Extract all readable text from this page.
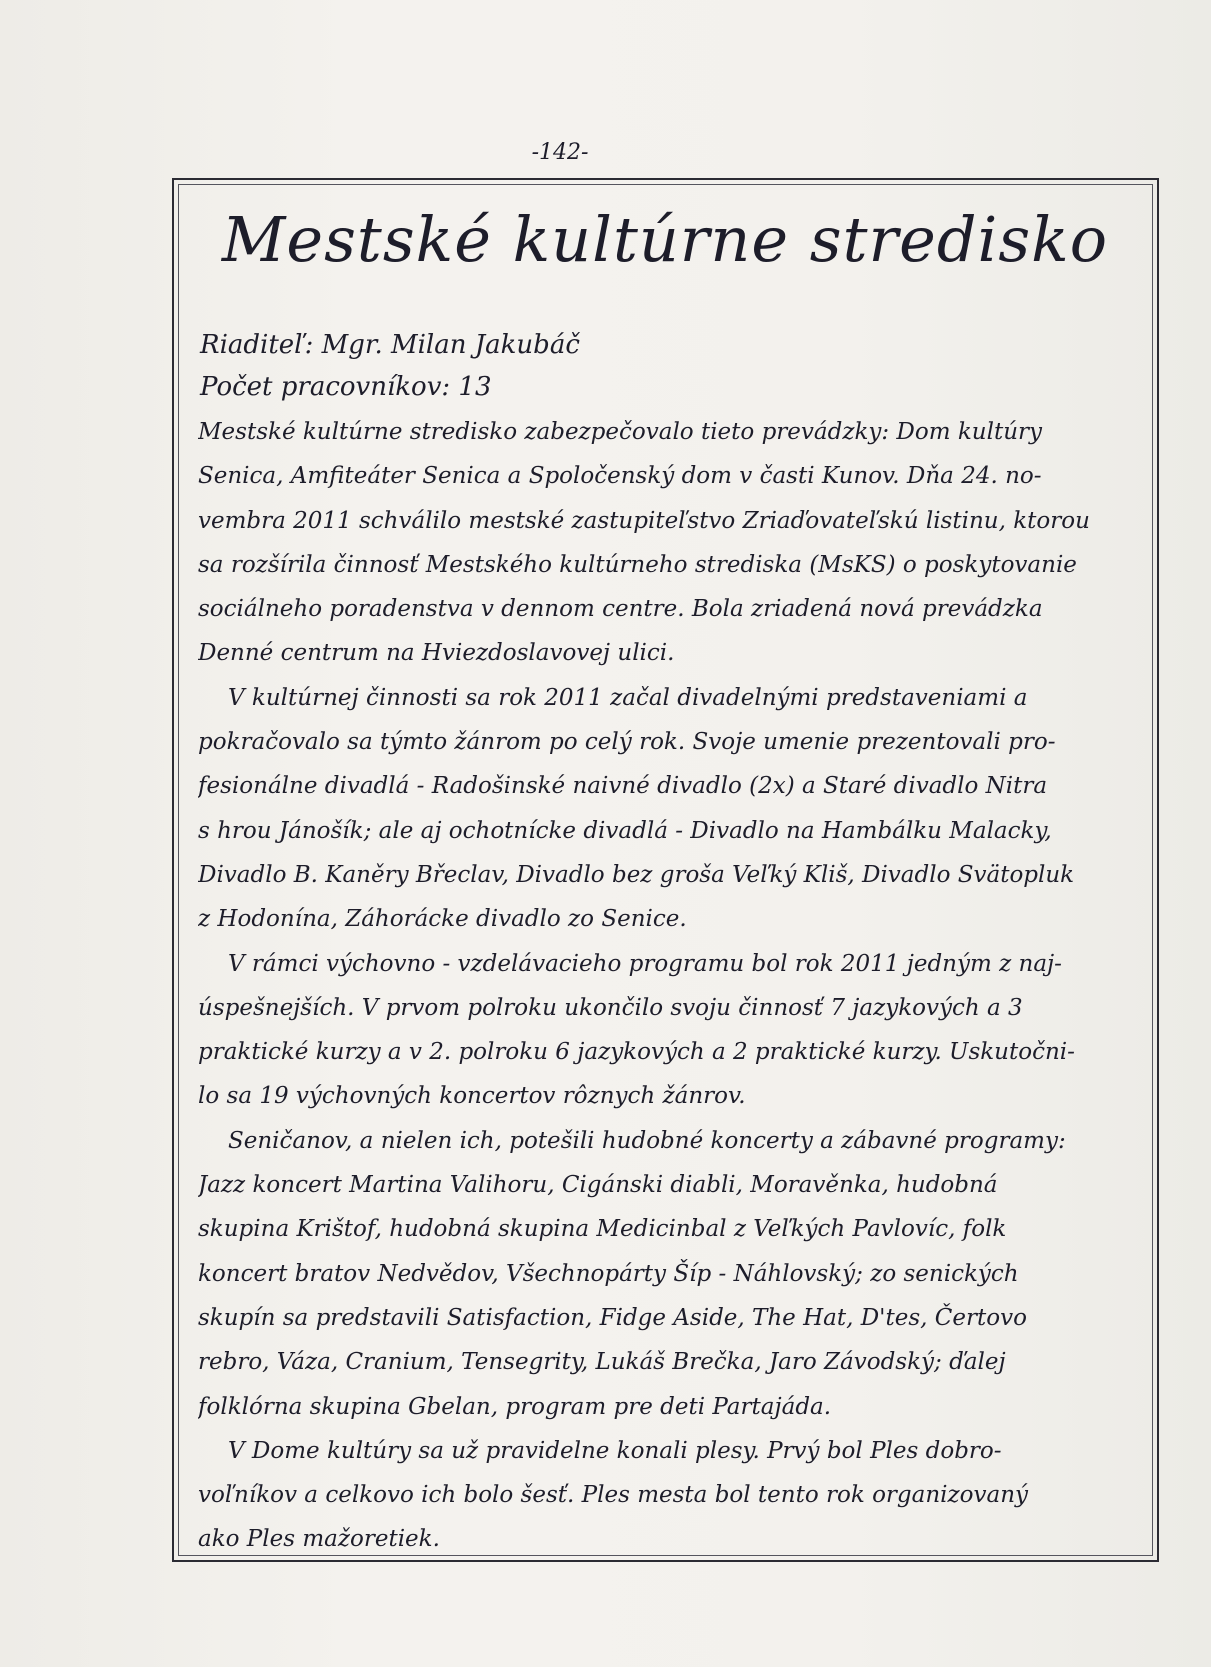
-142-
Mestské kultúrne stredisko
Riaditeľ: Mgr. Milan Jakubáč
Počet pracovníkov: 13
Mestské kultúrne stredisko zabezpečovalo tieto prevádzky: Dom kultúry
Senica, Amfiteáter Senica a Spoločenský dom v časti Kunov. Dňa 24. no-
vembra 2011 schválilo mestské zastupiteľstvo Zriaďovateľskú listinu, ktorou
sa rozšírila činnosť Mestského kultúrneho strediska (MsKS) o poskytovanie
sociálneho poradenstva v dennom centre. Bola zriadená nová prevádzka
Denné centrum na Hviezdoslavovej ulici.
V kultúrnej činnosti sa rok 2011 začal divadelnými predstaveniami a
pokračovalo sa týmto žánrom po celý rok. Svoje umenie prezentovali pro-
fesionálne divadlá - Radošinské naivné divadlo (2x) a Staré divadlo Nitra
s hrou Jánošík; ale aj ochotnícke divadlá - Divadlo na Hambálku Malacky,
Divadlo B. Kaněry Břeclav, Divadlo bez groša Veľký Kliš, Divadlo Svätopluk
z Hodonína, Záhorácke divadlo zo Senice.
V rámci výchovno - vzdelávacieho programu bol rok 2011 jedným z naj-
úspešnejších. V prvom polroku ukončilo svoju činnosť 7 jazykových a 3
praktické kurzy a v 2. polroku 6 jazykových a 2 praktické kurzy. Uskutočni-
lo sa 19 výchovných koncertov rôznych žánrov.
Seničanov, a nielen ich, potešili hudobné koncerty a zábavné programy:
Jazz koncert Martina Valihoru, Cigánski diabli, Moravěnka, hudobná
skupina Krištof, hudobná skupina Medicinbal z Veľkých Pavlovíc, folk
koncert bratov Nedvědov, Všechnopárty Šíp - Náhlovský; zo senických
skupín sa predstavili Satisfaction, Fidge Aside, The Hat, D'tes, Čertovo
rebro, Váza, Cranium, Tensegrity, Lukáš Brečka, Jaro Závodský; ďalej
folklórna skupina Gbelan, program pre deti Partajáda.
V Dome kultúry sa už pravidelne konali plesy. Prvý bol Ples dobro-
voľníkov a celkovo ich bolo šesť. Ples mesta bol tento rok organizovaný
ako Ples mažoretiek.
